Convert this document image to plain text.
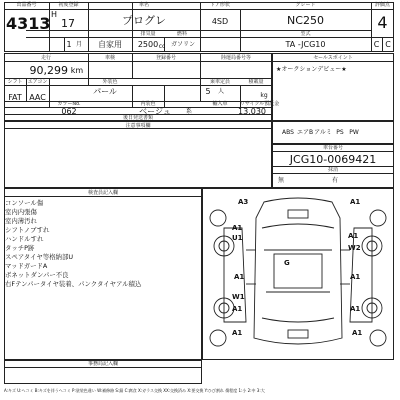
出品番号
4313
初度登録
H
17
1 月
車名
プログレ
自家用
ドア形状
4SD
排気量
2500 cc
燃料
ガソリン
グレード
NC250
型式
TA -JCG10
評価点
4
C C
走行
90,299 km
車検	登録番号	陸運局番号等
シフト
FAT
エアコン
AAC
外装色
パール
乗車定員
5	人
積載量
kg
カラーNo.
062
内装色
ベージュ	系
輸入車	リサイクル預託金
13,030
後日発送書類
セールスポイント
★オークションデビュー★
注意事項欄
ABS エアB アルミ PS PW
車台番号
JCG10-0069421
抹消
無	有
検査員記入欄
コンソール傷
室内内張傷
室内薄汚れ
シフトノブすれ
ハンドルすれ
タッチP跡
スペアタイヤ等格納部U
マッドガードA
ボネットダンパー不良
右Fテンパータイヤ装着、パンクタイヤアル積込
A3	A1
A1
U1	A1
W2
G
A1	A1
W1
A1	A1
A1	A1
事務局記入欄
A:キズ U:ヘコミ B:キズを伴うヘコミ P:塗装色違い W:補修跡 S:錆 C:腐食 X:ガラス交換 XX:交換済み X:要交換 Y:ひび割れ 傷程度 1:小 2:中 3:大
